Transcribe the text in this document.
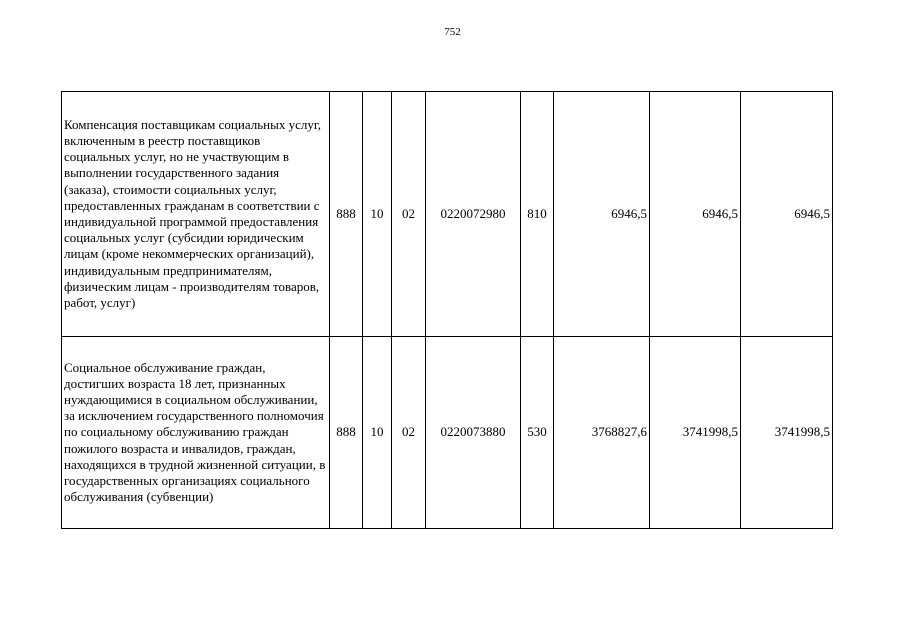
752
Компенсация поставщикам социальных услуг, включенным в реестр поставщиков социальных услуг, но не участвующим в выполнении государственного задания (заказа), стоимости социальных услуг, предоставленных гражданам в соответствии с индивидуальной программой предоставления социальных услуг (субсидии юридическим лицам (кроме некоммерческих организаций), индивидуальным предпринимателям, физическим лицам - производителям товаров, работ, услуг)	888	10	02	0220072980	810	6946,5	6946,5	6946,5
Социальное обслуживание граждан, достигших возраста 18 лет, признанных нуждающимися в социальном обслуживании, за исключением государственного полномочия по социальному обслуживанию граждан пожилого возраста и инвалидов, граждан, находящихся в трудной жизненной ситуации, в государственных организациях социального обслуживания (субвенции)	888	10	02	0220073880	530	3768827,6	3741998,5	3741998,5
